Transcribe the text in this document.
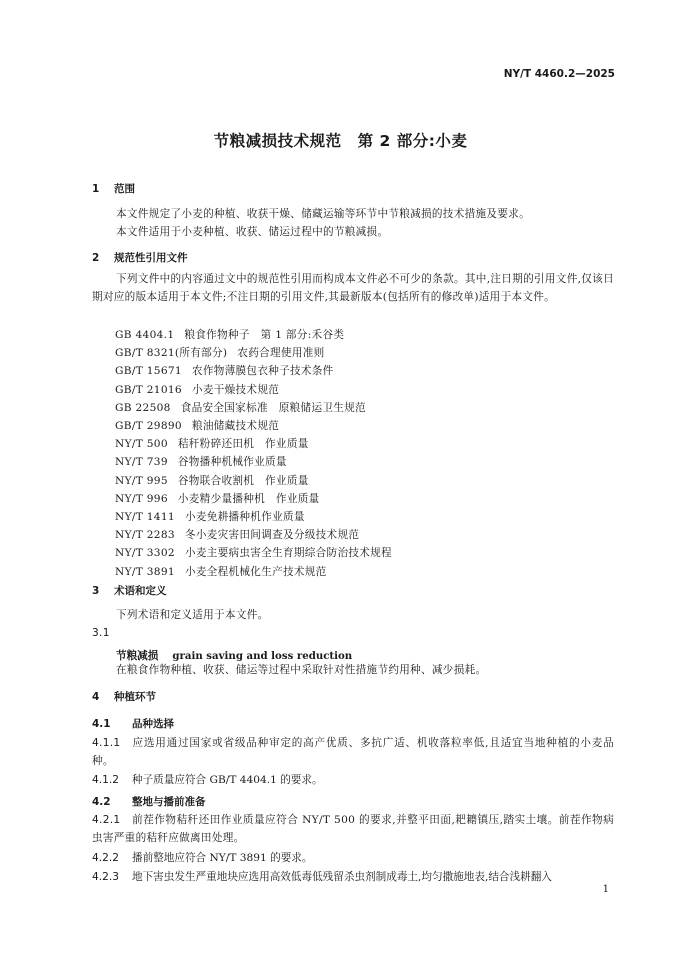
NY/T 4460.2—2025
节粮减损技术规范　第 2 部分:小麦
1 范围
本文件规定了小麦的种植、收获干燥、储藏运输等环节中节粮减损的技术措施及要求。
本文件适用于小麦种植、收获、储运过程中的节粮减损。
2 规范性引用文件
下列文件中的内容通过文中的规范性引用而构成本文件必不可少的条款。其中,注日期的引用文件,仅该日期对应的版本适用于本文件;不注日期的引用文件,其最新版本(包括所有的修改单)适用于本文件。
GB 4404.1 粮食作物种子　第 1 部分:禾谷类
GB/T 8321(所有部分) 农药合理使用准则
GB/T 15671 农作物薄膜包衣种子技术条件
GB/T 21016 小麦干燥技术规范
GB 22508 食品安全国家标准　原粮储运卫生规范
GB/T 29890 粮油储藏技术规范
NY/T 500 秸秆粉碎还田机　作业质量
NY/T 739 谷物播种机械作业质量
NY/T 995 谷物联合收割机　作业质量
NY/T 996 小麦精少量播种机　作业质量
NY/T 1411 小麦免耕播种机作业质量
NY/T 2283 冬小麦灾害田间调查及分级技术规范
NY/T 3302 小麦主要病虫害全生育期综合防治技术规程
NY/T 3891 小麦全程机械化生产技术规范
3 术语和定义
下列术语和定义适用于本文件。
3.1
节粮减损 grain saving and loss reduction
在粮食作物种植、收获、储运等过程中采取针对性措施节约用种、减少损耗。
4 种植环节
4.1 品种选择
4.1.1 应选用通过国家或省级品种审定的高产优质、多抗广适、机收落粒率低,且适宜当地种植的小麦品种。
4.1.2 种子质量应符合 GB/T 4404.1 的要求。
4.2 整地与播前准备
4.2.1 前茬作物秸秆还田作业质量应符合 NY/T 500 的要求,并整平田面,耙耱镇压,踏实土壤。前茬作物病虫害严重的秸秆应做离田处理。
4.2.2 播前整地应符合 NY/T 3891 的要求。
4.2.3 地下害虫发生严重地块应选用高效低毒低残留杀虫剂制成毒土,均匀撒施地表,结合浅耕翻入
1
